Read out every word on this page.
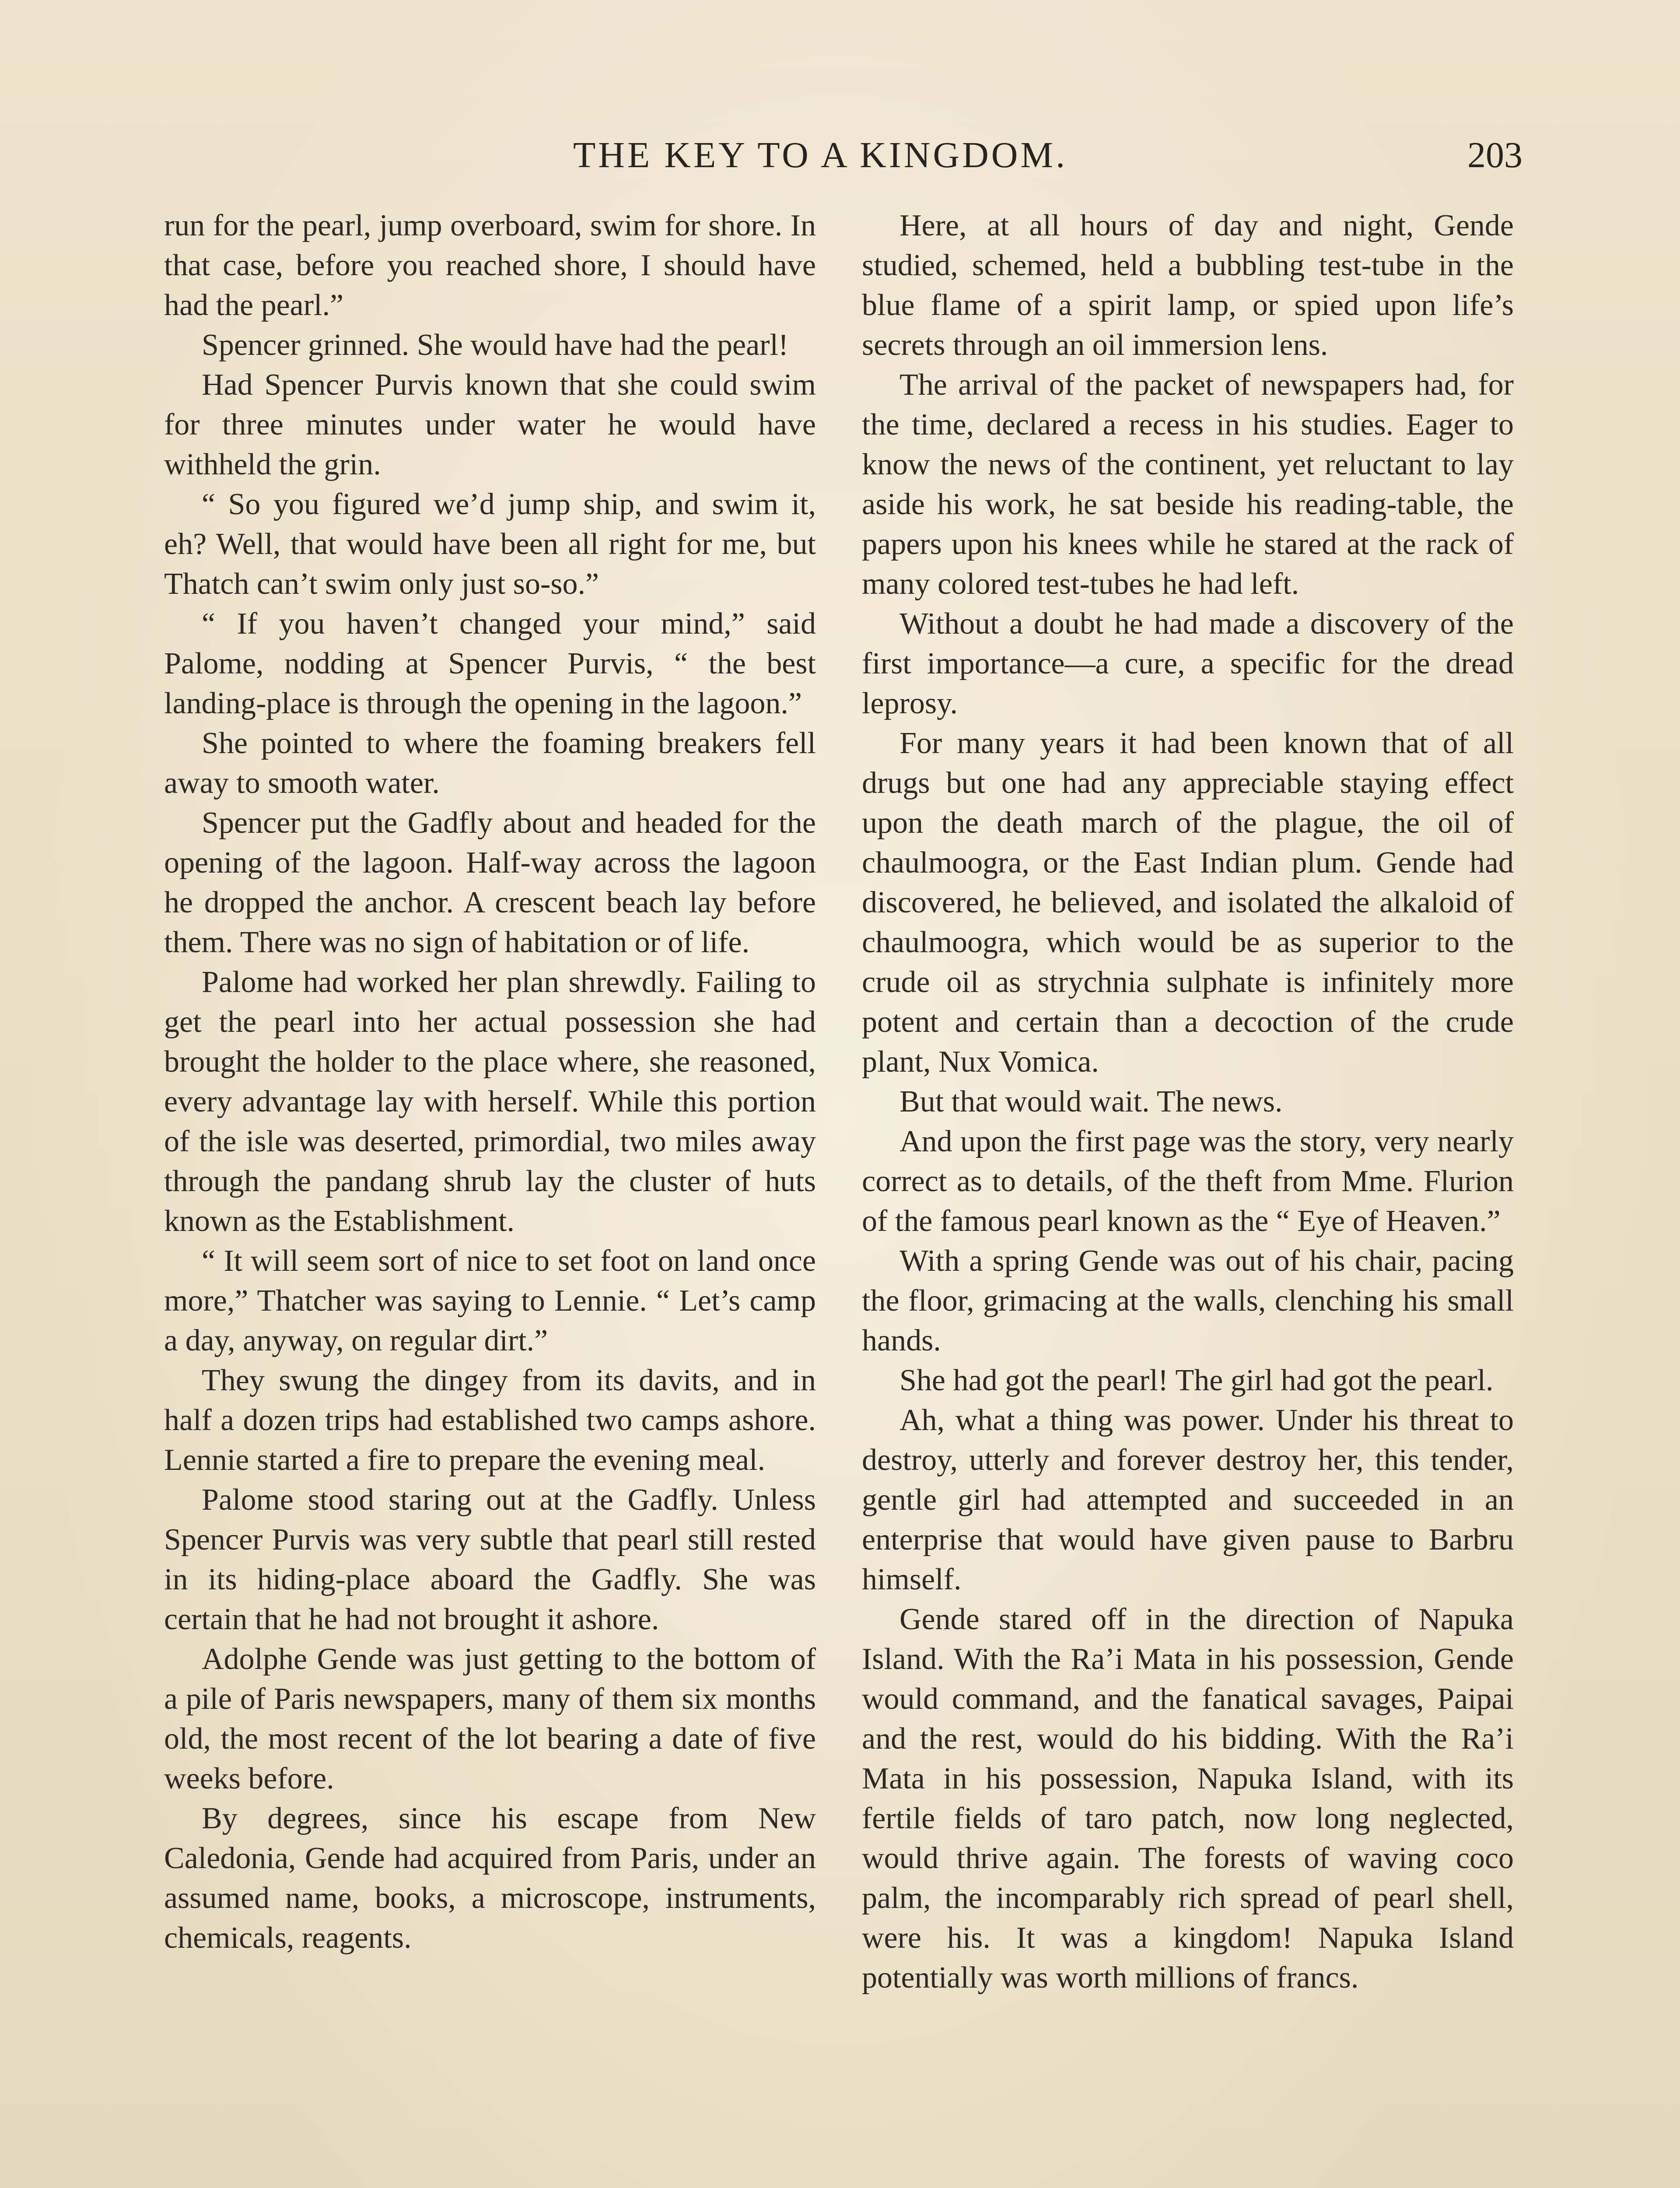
THE KEY TO A KINGDOM.	203

run for the pearl, jump overboard, swim for shore. In that case, before you reached shore, I should have had the pearl.”

Spencer grinned. She would have had the pearl!

Had Spencer Purvis known that she could swim for three minutes under water he would have withheld the grin.

“ So you figured we’d jump ship, and swim it, eh? Well, that would have been all right for me, but Thatch can’t swim only just so-so.”

“ If you haven’t changed your mind,” said Palome, nodding at Spencer Purvis, “ the best landing-place is through the opening in the lagoon.”

She pointed to where the foaming breakers fell away to smooth water.

Spencer put the Gadfly about and headed for the opening of the lagoon. Half-way across the lagoon he dropped the anchor. A crescent beach lay before them. There was no sign of habitation or of life.

Palome had worked her plan shrewdly. Failing to get the pearl into her actual possession she had brought the holder to the place where, she reasoned, every advantage lay with herself. While this portion of the isle was deserted, primordial, two miles away through the pandang shrub lay the cluster of huts known as the Establishment.

“ It will seem sort of nice to set foot on land once more,” Thatcher was saying to Lennie. “ Let’s camp a day, anyway, on regular dirt.”

They swung the dingey from its davits, and in half a dozen trips had established two camps ashore. Lennie started a fire to prepare the evening meal.

Palome stood staring out at the Gadfly. Unless Spencer Purvis was very subtle that pearl still rested in its hiding-place aboard the Gadfly. She was certain that he had not brought it ashore.

Adolphe Gende was just getting to the bottom of a pile of Paris newspapers, many of them six months old, the most recent of the lot bearing a date of five weeks before.

By degrees, since his escape from New Caledonia, Gende had acquired from Paris, under an assumed name, books, a microscope, instruments, chemicals, reagents.

Here, at all hours of day and night, Gende studied, schemed, held a bubbling test-tube in the blue flame of a spirit lamp, or spied upon life’s secrets through an oil immersion lens.

The arrival of the packet of newspapers had, for the time, declared a recess in his studies. Eager to know the news of the continent, yet reluctant to lay aside his work, he sat beside his reading-table, the papers upon his knees while he stared at the rack of many colored test-tubes he had left.

Without a doubt he had made a discovery of the first importance—a cure, a specific for the dread leprosy.

For many years it had been known that of all drugs but one had any appreciable staying effect upon the death march of the plague, the oil of chaulmoogra, or the East Indian plum. Gende had discovered, he believed, and isolated the alkaloid of chaulmoogra, which would be as superior to the crude oil as strychnia sulphate is infinitely more potent and certain than a decoction of the crude plant, Nux Vomica.

But that would wait. The news.

And upon the first page was the story, very nearly correct as to details, of the theft from Mme. Flurion of the famous pearl known as the “ Eye of Heaven.”

With a spring Gende was out of his chair, pacing the floor, grimacing at the walls, clenching his small hands.

She had got the pearl! The girl had got the pearl.

Ah, what a thing was power. Under his threat to destroy, utterly and forever destroy her, this tender, gentle girl had attempted and succeeded in an enterprise that would have given pause to Barbru himself.

Gende stared off in the direction of Napuka Island. With the Ra’i Mata in his possession, Gende would command, and the fanatical savages, Paipai and the rest, would do his bidding. With the Ra’i Mata in his possession, Napuka Island, with its fertile fields of taro patch, now long neglected, would thrive again. The forests of waving coco palm, the incomparably rich spread of pearl shell, were his. It was a kingdom! Napuka Island potentially was worth millions of francs.
